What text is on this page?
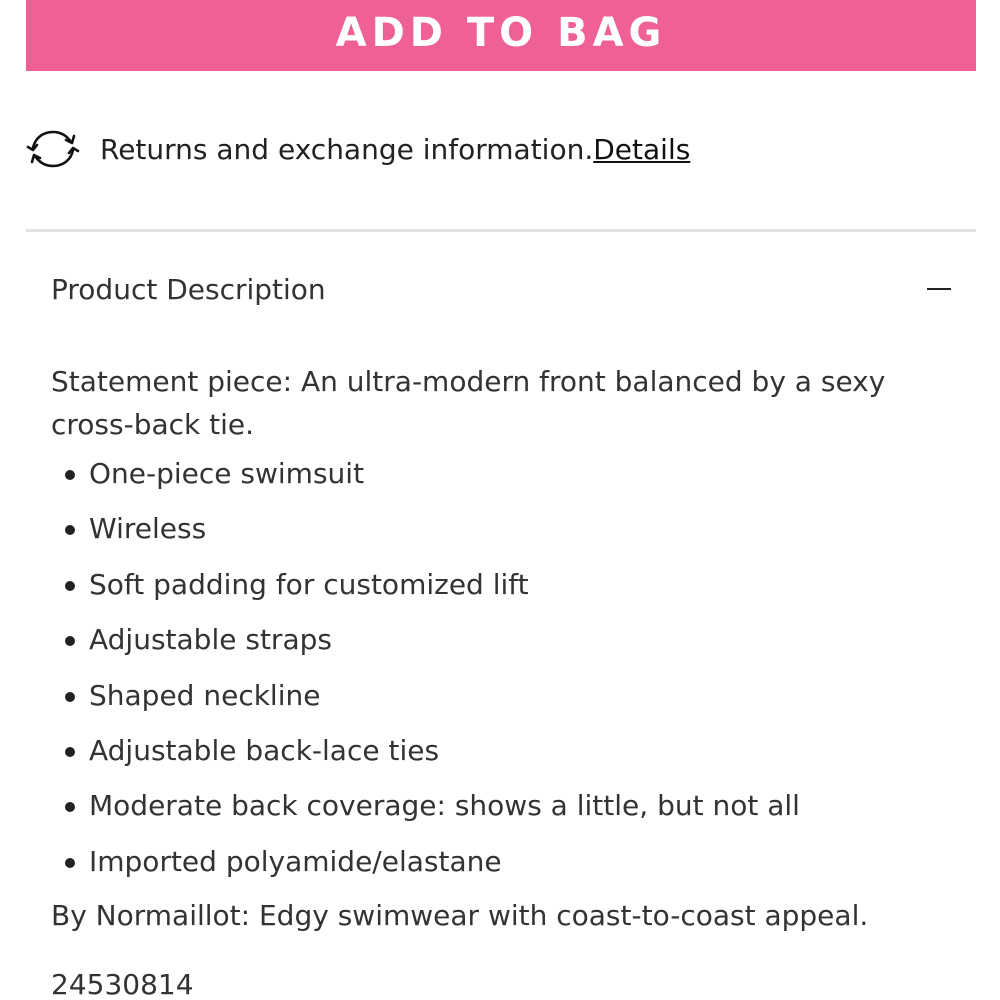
ADD TO BAG
Returns and exchange information. Details
Product Description

Statement piece: An ultra-modern front balanced by a sexy cross-back tie.

One-piece swimsuit
Wireless
Soft padding for customized lift
Adjustable straps
Shaped neckline
Adjustable back-lace ties
Moderate back coverage: shows a little, but not all
Imported polyamide/elastane
By Normaillot: Edgy swimwear with coast-to-coast appeal.
24530814
